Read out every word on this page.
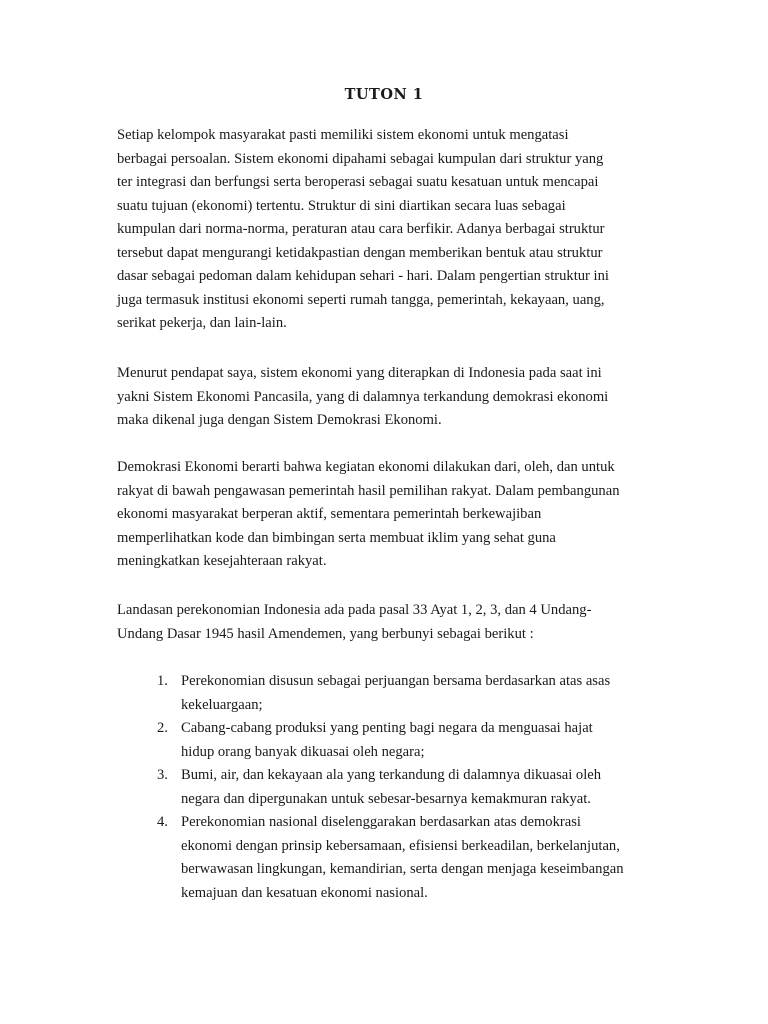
TUTON 1

Setiap kelompok masyarakat pasti memiliki sistem ekonomi untuk mengatasi
berbagai persoalan. Sistem ekonomi dipahami sebagai kumpulan dari struktur yang
ter integrasi dan berfungsi serta beroperasi sebagai suatu kesatuan untuk mencapai
suatu tujuan (ekonomi) tertentu. Struktur di sini diartikan secara luas sebagai
kumpulan dari norma-norma, peraturan atau cara berfikir. Adanya berbagai struktur
tersebut dapat mengurangi ketidakpastian dengan memberikan bentuk atau struktur
dasar sebagai pedoman dalam kehidupan sehari - hari. Dalam pengertian struktur ini
juga termasuk institusi ekonomi seperti rumah tangga, pemerintah, kekayaan, uang,
serikat pekerja, dan lain-lain.

Menurut pendapat saya, sistem ekonomi yang diterapkan di Indonesia pada saat ini
yakni Sistem Ekonomi Pancasila, yang di dalamnya terkandung demokrasi ekonomi
maka dikenal juga dengan Sistem Demokrasi Ekonomi.

Demokrasi Ekonomi berarti bahwa kegiatan ekonomi dilakukan dari, oleh, dan untuk
rakyat di bawah pengawasan pemerintah hasil pemilihan rakyat. Dalam pembangunan
ekonomi masyarakat berperan aktif, sementara pemerintah berkewajiban
memperlihatkan kode dan bimbingan serta membuat iklim yang sehat guna
meningkatkan kesejahteraan rakyat.

Landasan perekonomian Indonesia ada pada pasal 33 Ayat 1, 2, 3, dan 4 Undang-
Undang Dasar 1945 hasil Amendemen, yang berbunyi sebagai berikut :

1. Perekonomian disusun sebagai perjuangan bersama berdasarkan atas asas
kekeluargaan;
2. Cabang-cabang produksi yang penting bagi negara da menguasai hajat
hidup orang banyak dikuasai oleh negara;
3. Bumi, air, dan kekayaan ala yang terkandung di dalamnya dikuasai oleh
negara dan dipergunakan untuk sebesar-besarnya kemakmuran rakyat.
4. Perekonomian nasional diselenggarakan berdasarkan atas demokrasi
ekonomi dengan prinsip kebersamaan, efisiensi berkeadilan, berkelanjutan,
berwawasan lingkungan, kemandirian, serta dengan menjaga keseimbangan
kemajuan dan kesatuan ekonomi nasional.
